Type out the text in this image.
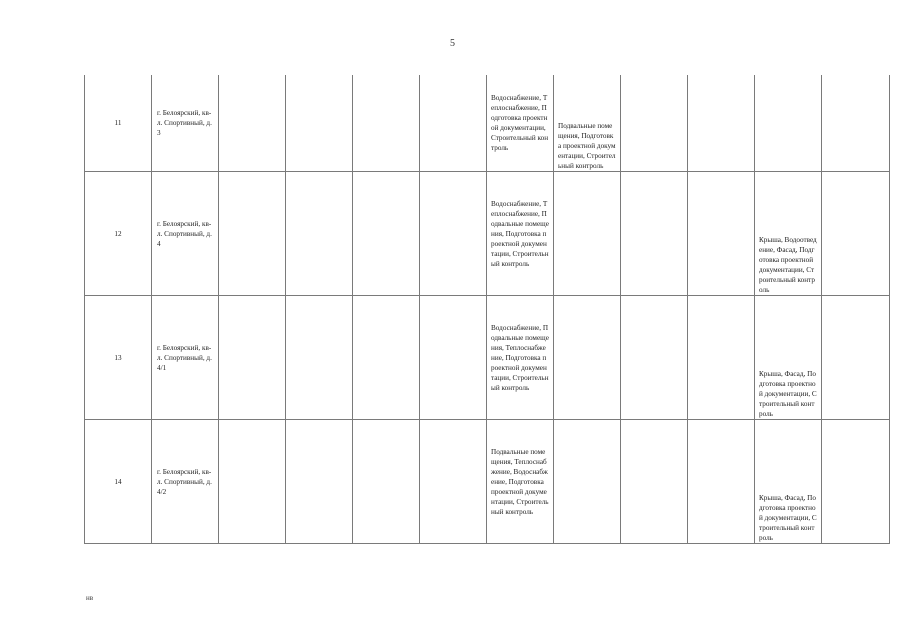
5
11	г. Белоярский, кв-л. Спортивный, д. 3					Водоснабжение, Теплоснабжение, Подготовка проектной документации, Строительный контроль	Подвальные помещения, Подготовка проектной документации, Строительный контроль				
12	г. Белоярский, кв-л. Спортивный, д. 4					Водоснабжение, Теплоснабжение, Подвальные помещения, Подготовка проектной документации, Строительный контроль				Крыша, Водоотведение, Фасад, Подготовка проектной документации, Строительный контроль	
13	г. Белоярский, кв-л. Спортивный, д. 4/1					Водоснабжение, Подвальные помещения, Теплоснабжение, Подготовка проектной документации, Строительный контроль				Крыша, Фасад, Подготовка проектной документации, Строительный контроль	
14	г. Белоярский, кв-л. Спортивный, д. 4/2					Подвальные помещения, Теплоснабжение, Водоснабжение, Подготовка проектной документации, Строительный контроль				Крыша, Фасад, Подготовка проектной документации, Строительный контроль	
нв
